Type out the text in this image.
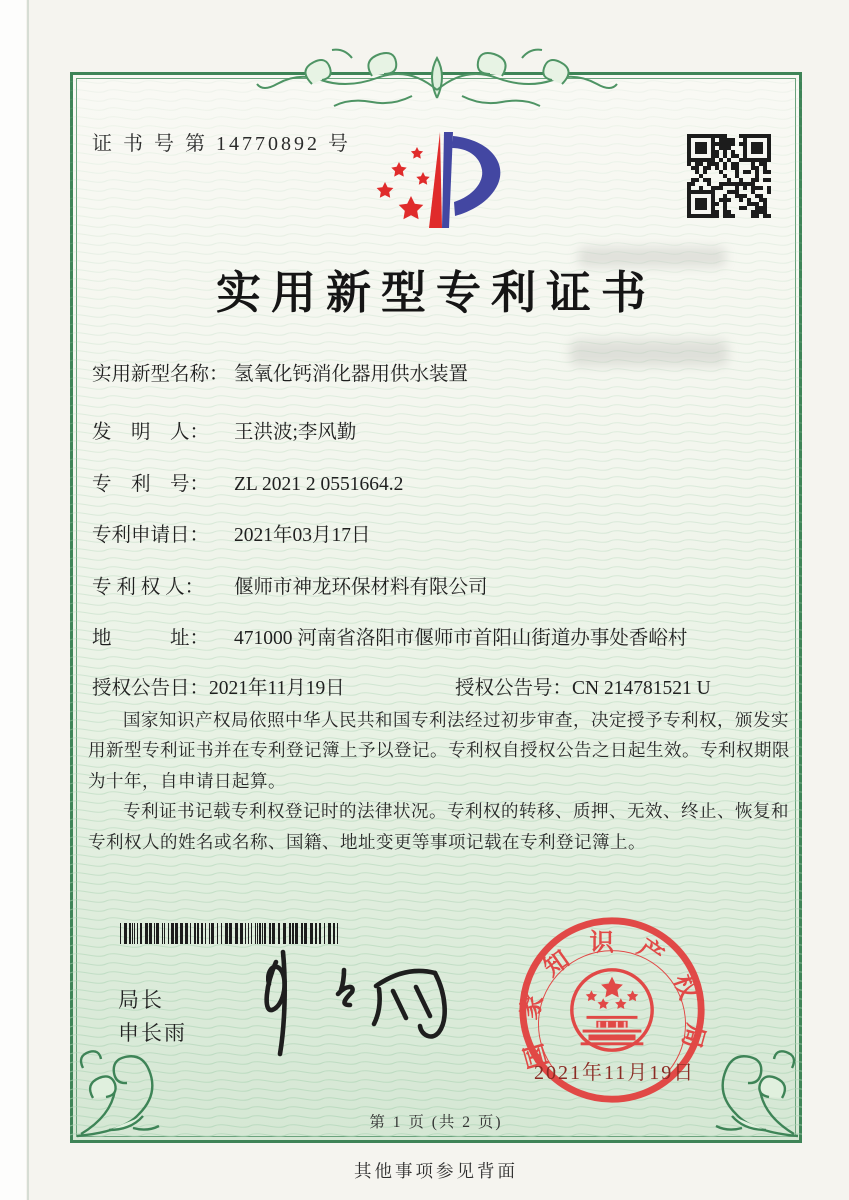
证 书 号 第 14770892 号
实用新型专利证书
实用新型名称： 氢氧化钙消化器用供水装置
发　明　人： 王洪波;李风勤
专　利　号： ZL 2021 2 0551664.2
专利申请日： 2021年03月17日
专 利 权 人： 偃师市神龙环保材料有限公司
地　　　址： 471000 河南省洛阳市偃师市首阳山街道办事处香峪村
授权公告日：2021年11月19日	授权公告号：CN 214781521 U

国家知识产权局依照中华人民共和国专利法经过初步审查，决定授予专利权，颁发实用新型专利证书并在专利登记簿上予以登记。专利权自授权公告之日起生效。专利权期限为十年，自申请日起算。

专利证书记载专利权登记时的法律状况。专利权的转移、质押、无效、终止、恢复和专利权人的姓名或名称、国籍、地址变更等事项记载在专利登记簿上。

局长
申长雨	国家知识产权局
2021年11月19日
第 1 页 (共 2 页)
其他事项参见背面
